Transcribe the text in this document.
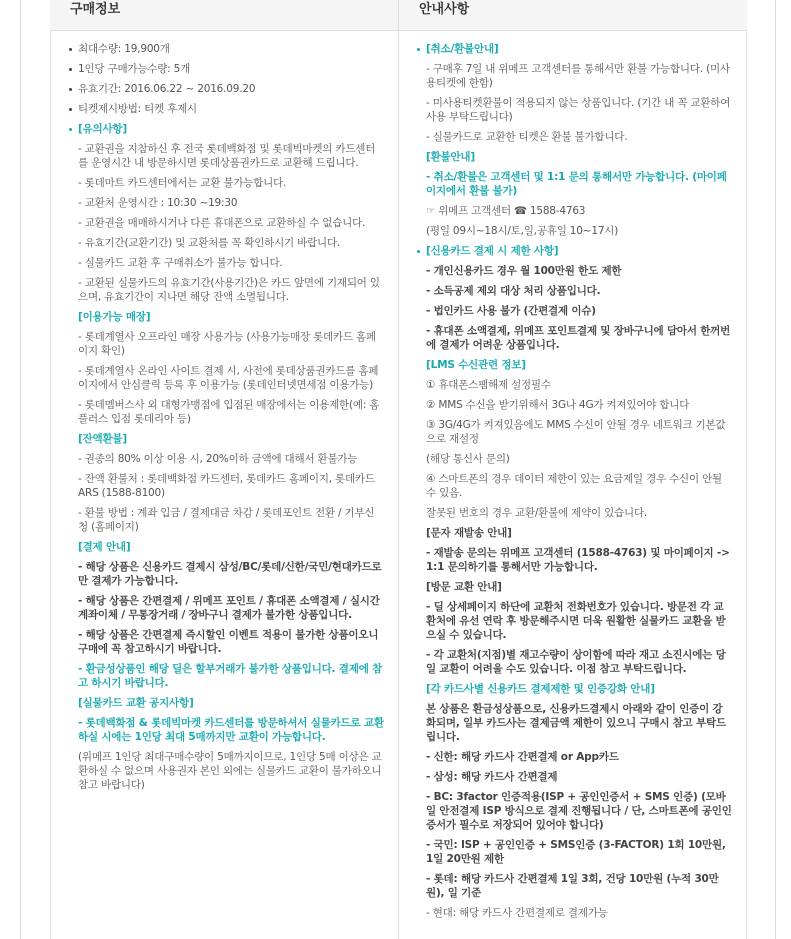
구매정보	안내사항
최대수량: 19,900개
1인당 구매가능수량: 5개
유효기간: 2016.06.22 ~ 2016.09.20
티켓제시방법: 티켓 후제시
[유의사항]
- 교환권을 지참하신 후 전국 롯데백화점 및 롯데빅마켓의 카드센터를 운영시간 내 방문하시면 롯데상품권카드로 교환해 드립니다.
- 롯데마트 카드센터에서는 교환 불가능합니다.
- 교환처 운영시간 : 10:30 ~19:30
- 교환권을 매매하시거나 다른 휴대폰으로 교환하실 수 없습니다.
- 유효기간(교환기간) 및 교환처를 꼭 확인하시기 바랍니다.
- 실물카드 교환 후 구매취소가 불가능 합니다.
- 교환된 실물카드의 유효기간(사용기간)은 카드 앞면에 기재되어 있으며, 유효기간이 지나면 해당 잔액 소멸됩니다.
[이용가능 매장]
- 롯데계열사 오프라인 매장 사용가능 (사용가능매장 롯데카드 홈페이지 확인)
- 롯데계열사 온라인 사이트 결제 시, 사전에 롯데상품권카드를 홈페이지에서 안심클릭 등록 후 이용가능 (롯데인터넷면세점 이용가능)
- 롯데멤버스사 외 대형가맹점에 입점된 매장에서는 이용제한(예: 홈플러스 입점 롯데리아 등)
[잔액환불]
- 권종의 80% 이상 이용 시, 20%이하 금액에 대해서 환불가능
- 잔액 환불처 : 롯데백화점 카드센터, 롯데카드 홈페이지, 롯데카드 ARS (1588-8100)
- 환불 방법 : 계좌 입금 / 결제대금 차감 / 롯데포인트 전환 / 기부신청 (홈페이지)
[결제 안내]
- 해당 상품은 신용카드 결제시 삼성/BC/롯데/신한/국민/현대카드로만 결제가 가능합니다.
- 해당 상품은 간편결제 / 위메프 포인트 / 휴대폰 소액결제 / 실시간 계좌이체 / 무통장거래 / 장바구니 결제가 불가한 상품입니다.
- 해당 상품은 간편결제 즉시할인 이벤트 적용이 불가한 상품이오니 구매에 꼭 참고하시기 바랍니다.
- 환금성상품인 해당 딜은 할부거래가 불가한 상품입니다. 결제에 참고 하시기 바랍니다.
[실물카드 교환 공지사항]
- 롯데백화점 & 롯데빅마켓 카드센터를 방문하셔서 실물카드로 교환하실 시에는 1인당 최대 5매까지만 교환이 가능합니다.
(위메프 1인당 최대구매수량이 5매까지이므로, 1인당 5매 이상은 교환하실 수 없으며 사용권자 본인 외에는 실물카드 교환이 불가하오니 참고 바랍니다)
[취소/환불안내]
- 구매후 7일 내 위메프 고객센터를 통해서만 환불 가능합니다. (미사용티켓에 한함)
- 미사용티켓환불이 적용되지 않는 상품입니다. (기간 내 꼭 교환하여 사용 부탁드립니다)
- 실물카드로 교환한 티켓은 환불 불가합니다.
[환불안내]
- 취소/환불은 고객센터 및 1:1 문의 통해서만 가능합니다. (마이페이지에서 환불 불가)
☞ 위메프 고객센터 ☎ 1588-4763
(평일 09시~18시/토,일,공휴일 10~17시)
[신용카드 결제 시 제한 사항]
- 개인신용카드 경우 월 100만원 한도 제한
- 소득공제 제외 대상 처리 상품입니다.
- 법인카드 사용 불가 (간편결제 이슈)
- 휴대폰 소액결제, 위메프 포인트결제 및 장바구니에 담아서 한꺼번에 결제가 어려운 상품입니다.
[LMS 수신관련 정보]
① 휴대폰스팸해제 설정필수
② MMS 수신을 받기위해서 3G나 4G가 켜져있어야 합니다
③ 3G/4G가 켜져있음에도 MMS 수신이 안될 경우 네트워크 기본값으로 재설정
(해당 통신사 문의)
④ 스마트폰의 경우 데이터 제한이 있는 요금제일 경우 수신이 안될 수 있음.
잘못된 번호의 경우 교환/환불에 제약이 있습니다.
[문자 재발송 안내]
- 재발송 문의는 위메프 고객센터 (1588-4763) 및 마이페이지 -> 1:1 문의하기를 통해서만 가능합니다.
[방문 교환 안내]
- 딜 상세페이지 하단에 교환처 전화번호가 있습니다. 방문전 각 교환처에 유선 연락 후 방문해주시면 더욱 원활한 실물카드 교환을 받으실 수 있습니다.
- 각 교환처(지점)별 재고수량이 상이함에 따라 재고 소진시에는 당일 교환이 어려울 수도 있습니다. 이점 참고 부탁드립니다.
[각 카드사별 신용카드 결제제한 및 인증강화 안내]
본 상품은 환금성상품으로, 신용카드결제시 아래와 같이 인증이 강화되며, 일부 카드사는 결제금액 제한이 있으니 구매시 참고 부탁드립니다.
- 신한: 해당 카드사 간편결제 or App카드
- 삼성: 해당 카드사 간편결제
- BC: 3factor 인증적용(ISP + 공인인증서 + SMS 인증) (모바일 안전결제 ISP 방식으로 결제 진행됩니다 / 단, 스마트폰에 공인인증서가 필수로 저장되어 있어야 합니다)
- 국민: ISP + 공인인증 + SMS인증 (3-FACTOR) 1회 10만원, 1일 20만원 제한
- 롯데: 해당 카드사 간편결제 1일 3회, 건당 10만원 (누적 30만원), 일 기준
- 현대: 해당 카드사 간편결제로 결제가능
